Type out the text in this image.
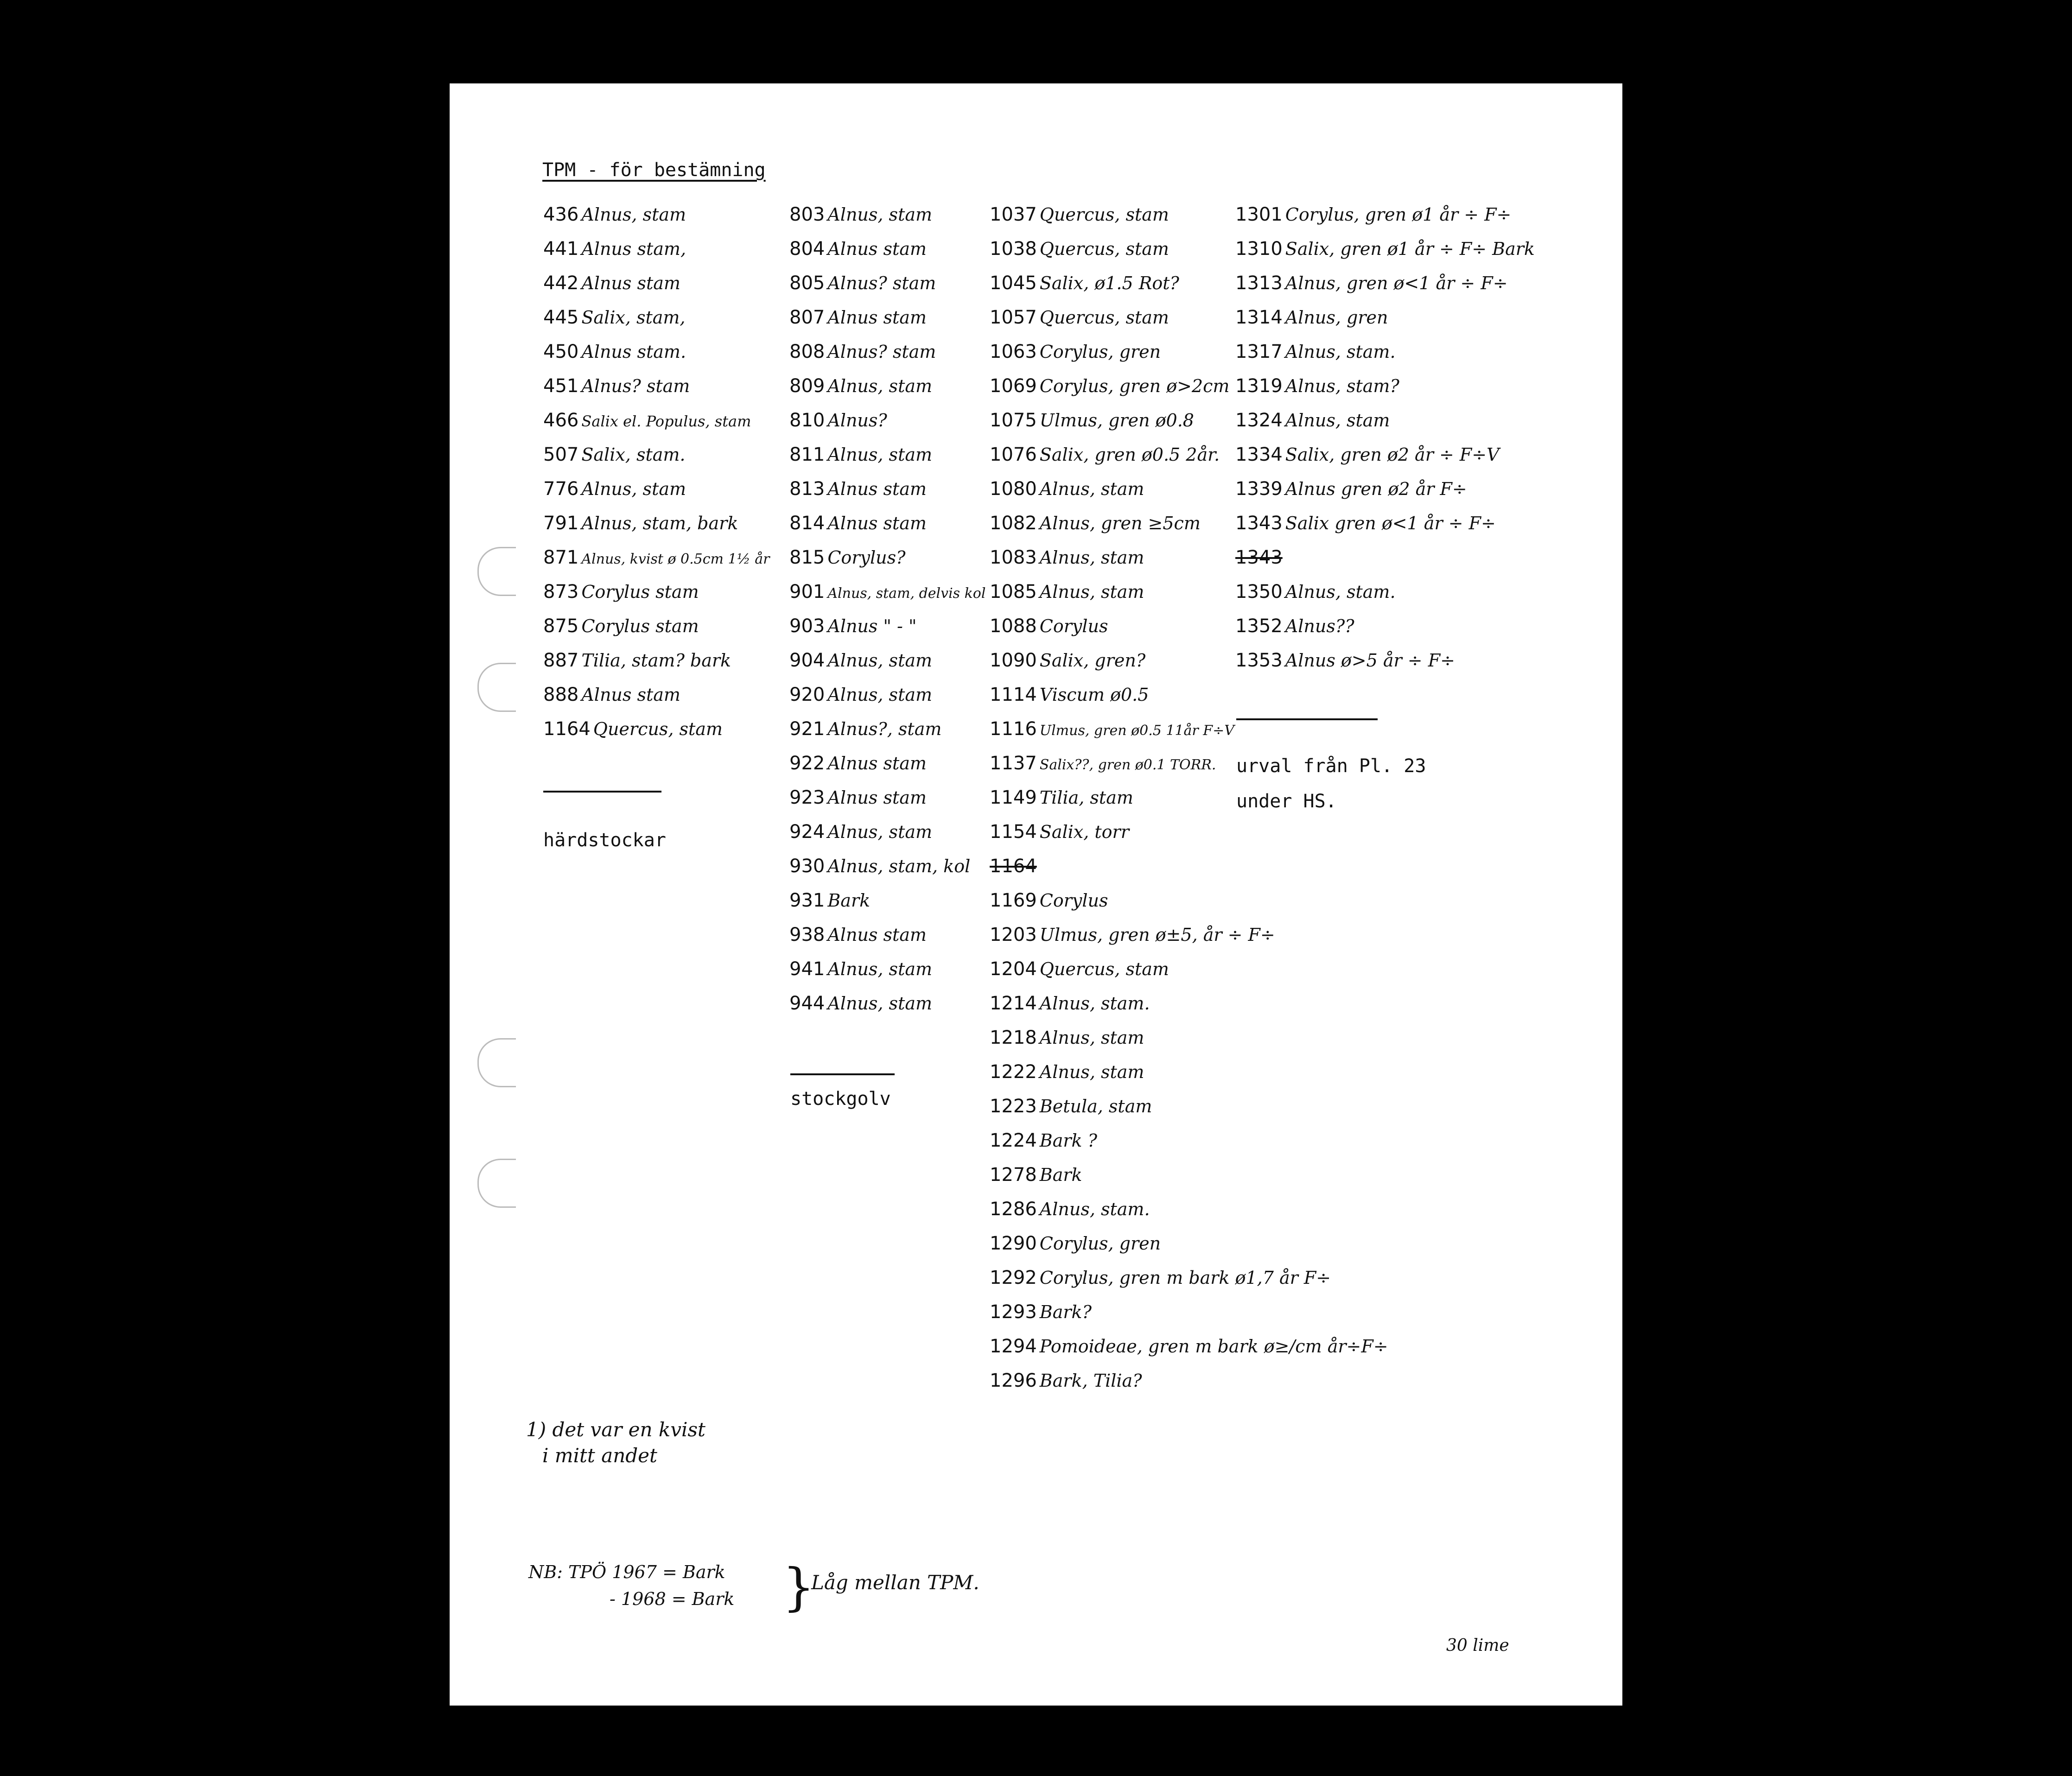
TPM - för bestämning
436 Alnus, stam
441 Alnus stam,
442 Alnus stam
445 Salix, stam,
450 Alnus stam.
451 Alnus? stam
466 Salix el. Populus, stam
507 Salix, stam.
776 Alnus, stam
791 Alnus, stam, bark
871 Alnus, kvist ø 0.5cm 1½ år
873 Corylus stam
875 Corylus stam
887 Tilia, stam? bark
888 Alnus stam
1164 Quercus, stam
härdstockar
803 Alnus, stam
804 Alnus stam
805 Alnus? stam
807 Alnus stam
808 Alnus? stam
809 Alnus, stam
810 Alnus?
811 Alnus, stam
813 Alnus stam
814 Alnus stam
815 Corylus?
901 Alnus, stam, delvis kol
903 Alnus " - "
904 Alnus, stam
920 Alnus, stam
921 Alnus?, stam
922 Alnus stam
923 Alnus stam
924 Alnus, stam
930 Alnus, stam, kol
931 Bark
938 Alnus stam
941 Alnus, stam
944 Alnus, stam
stockgolv
1037 Quercus, stam
1038 Quercus, stam
1045 Salix, ø1.5 Rot?
1057 Quercus, stam
1063 Corylus, gren
1069 Corylus, gren ø>2cm
1075 Ulmus, gren ø0.8
1076 Salix, gren ø0.5 2år.
1080 Alnus, stam
1082 Alnus, gren ≥5cm
1083 Alnus, stam
1085 Alnus, stam
1088 Corylus
1090 Salix, gren?
1114 Viscum ø0.5
1116 Ulmus, gren ø0.5 11år F÷V
1137 Salix??, gren ø0.1 TORR.
1149 Tilia, stam
1154 Salix, torr
1164
1169 Corylus
1203 Ulmus, gren ø±5, år ÷ F÷
1204 Quercus, stam
1214 Alnus, stam.
1218 Alnus, stam
1222 Alnus, stam
1223 Betula, stam
1224 Bark ?
1278 Bark
1286 Alnus, stam.
1290 Corylus, gren
1292 Corylus, gren m bark ø1,7 år F÷
1293 Bark?
1294 Pomoideae, gren m bark ø≥/cm år÷F÷
1296 Bark, Tilia?
1301 Corylus, gren ø1 år ÷ F÷
1310 Salix, gren ø1 år ÷ F÷ Bark
1313 Alnus, gren ø<1 år ÷ F÷
1314 Alnus, gren
1317 Alnus, stam.
1319 Alnus, stam?
1324 Alnus, stam
1334 Salix, gren ø2 år ÷ F÷V
1339 Alnus gren ø2 år F÷
1343 Salix gren ø<1 år ÷ F÷
1343
1350 Alnus, stam.
1352 Alnus??
1353 Alnus ø>5 år ÷ F÷
urval från Pl. 23
under HS.
1) det var en kvist
i mitt andet
NB: TPÖ 1967 = Bark
- 1968 = Bark }
Låg mellan TPM.
30 lime
